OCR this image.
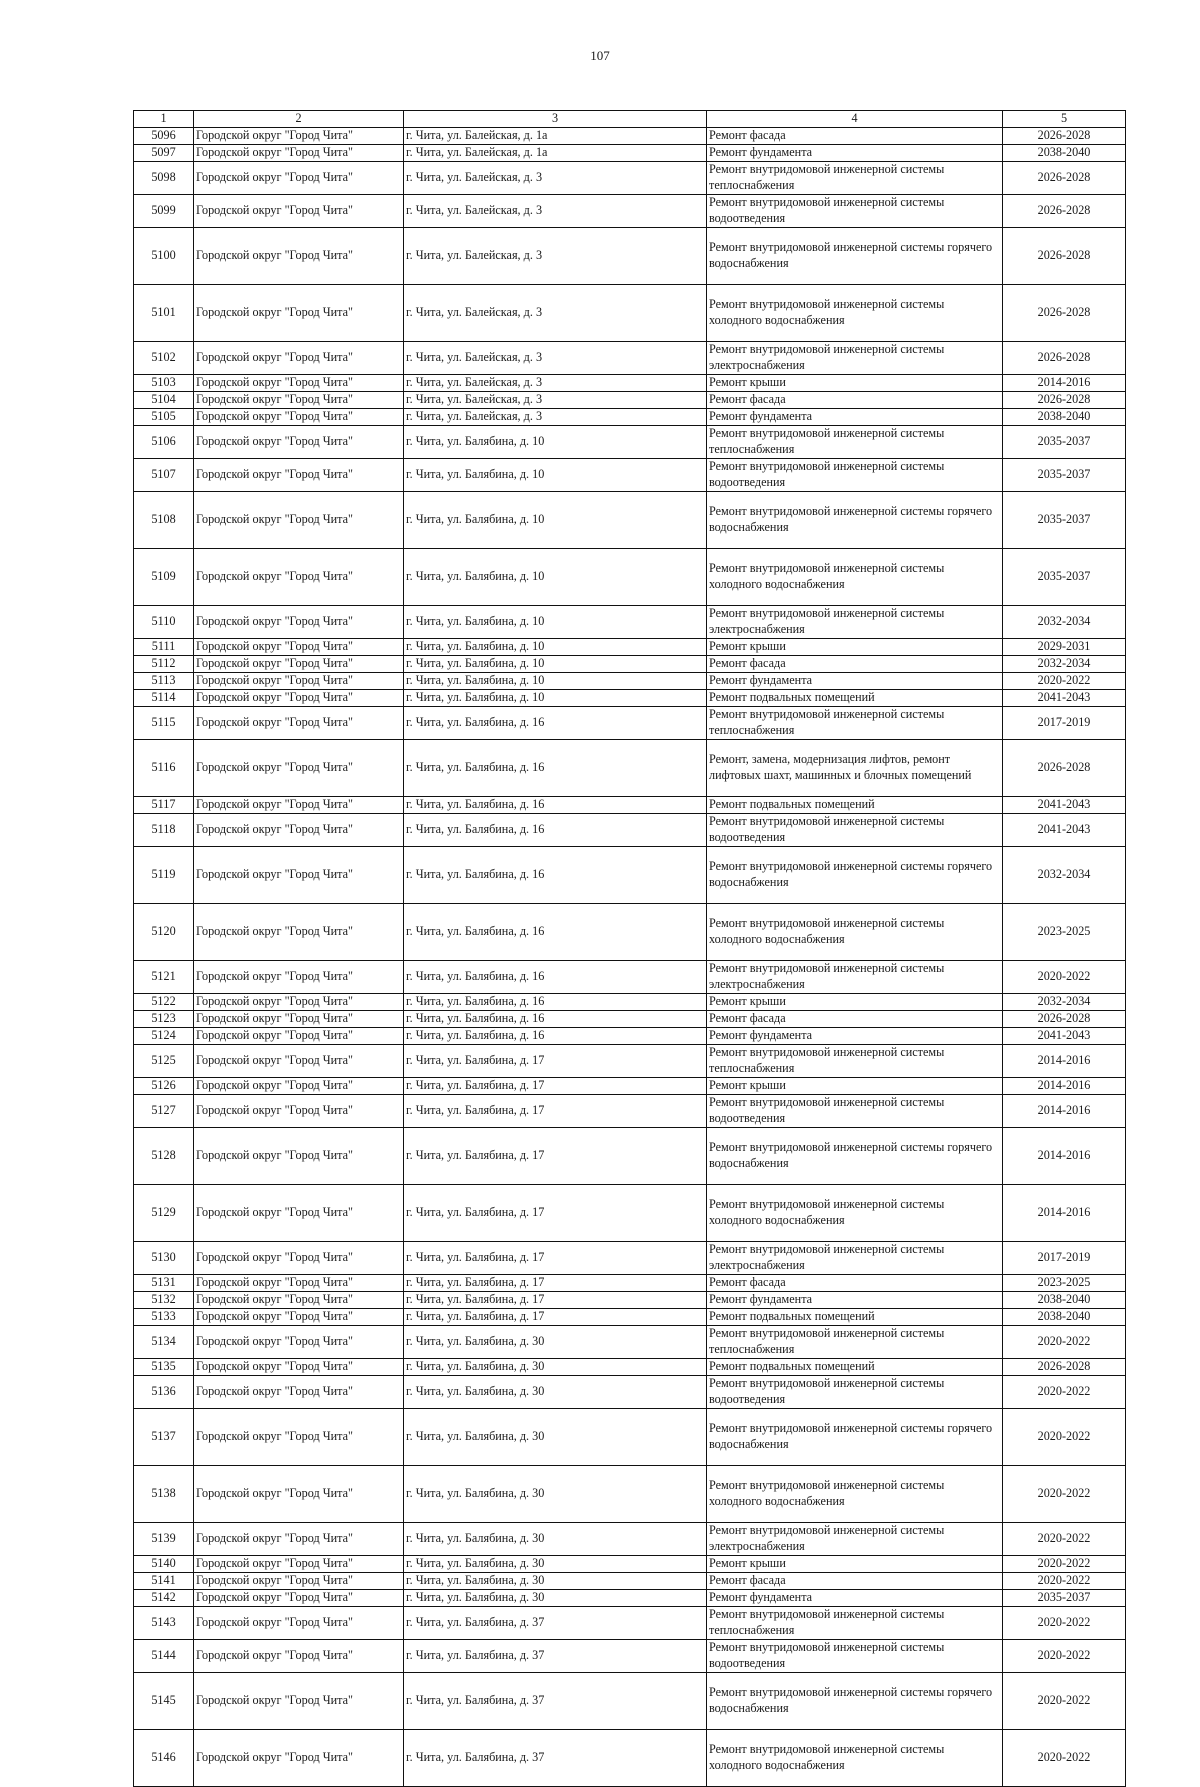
107
1	2	3	4	5
5096	Городской округ "Город Чита"	г. Чита, ул. Балейская, д. 1а	Ремонт фасада	2026-2028
5097	Городской округ "Город Чита"	г. Чита, ул. Балейская, д. 1а	Ремонт фундамента	2038-2040
5098	Городской округ "Город Чита"	г. Чита, ул. Балейская, д. 3	Ремонт внутридомовой инженерной системы теплоснабжения	2026-2028
5099	Городской округ "Город Чита"	г. Чита, ул. Балейская, д. 3	Ремонт внутридомовой инженерной системы водоотведения	2026-2028
5100	Городской округ "Город Чита"	г. Чита, ул. Балейская, д. 3	Ремонт внутридомовой инженерной системы горячего водоснабжения	2026-2028
5101	Городской округ "Город Чита"	г. Чита, ул. Балейская, д. 3	Ремонт внутридомовой инженерной системы холодного водоснабжения	2026-2028
5102	Городской округ "Город Чита"	г. Чита, ул. Балейская, д. 3	Ремонт внутридомовой инженерной системы электроснабжения	2026-2028
5103	Городской округ "Город Чита"	г. Чита, ул. Балейская, д. 3	Ремонт крыши	2014-2016
5104	Городской округ "Город Чита"	г. Чита, ул. Балейская, д. 3	Ремонт фасада	2026-2028
5105	Городской округ "Город Чита"	г. Чита, ул. Балейская, д. 3	Ремонт фундамента	2038-2040
5106	Городской округ "Город Чита"	г. Чита, ул. Балябина, д. 10	Ремонт внутридомовой инженерной системы теплоснабжения	2035-2037
5107	Городской округ "Город Чита"	г. Чита, ул. Балябина, д. 10	Ремонт внутридомовой инженерной системы водоотведения	2035-2037
5108	Городской округ "Город Чита"	г. Чита, ул. Балябина, д. 10	Ремонт внутридомовой инженерной системы горячего водоснабжения	2035-2037
5109	Городской округ "Город Чита"	г. Чита, ул. Балябина, д. 10	Ремонт внутридомовой инженерной системы холодного водоснабжения	2035-2037
5110	Городской округ "Город Чита"	г. Чита, ул. Балябина, д. 10	Ремонт внутридомовой инженерной системы электроснабжения	2032-2034
5111	Городской округ "Город Чита"	г. Чита, ул. Балябина, д. 10	Ремонт крыши	2029-2031
5112	Городской округ "Город Чита"	г. Чита, ул. Балябина, д. 10	Ремонт фасада	2032-2034
5113	Городской округ "Город Чита"	г. Чита, ул. Балябина, д. 10	Ремонт фундамента	2020-2022
5114	Городской округ "Город Чита"	г. Чита, ул. Балябина, д. 10	Ремонт подвальных помещений	2041-2043
5115	Городской округ "Город Чита"	г. Чита, ул. Балябина, д. 16	Ремонт внутридомовой инженерной системы теплоснабжения	2017-2019
5116	Городской округ "Город Чита"	г. Чита, ул. Балябина, д. 16	Ремонт, замена, модернизация лифтов, ремонт лифтовых шахт, машинных и блочных помещений	2026-2028
5117	Городской округ "Город Чита"	г. Чита, ул. Балябина, д. 16	Ремонт подвальных помещений	2041-2043
5118	Городской округ "Город Чита"	г. Чита, ул. Балябина, д. 16	Ремонт внутридомовой инженерной системы водоотведения	2041-2043
5119	Городской округ "Город Чита"	г. Чита, ул. Балябина, д. 16	Ремонт внутридомовой инженерной системы горячего водоснабжения	2032-2034
5120	Городской округ "Город Чита"	г. Чита, ул. Балябина, д. 16	Ремонт внутридомовой инженерной системы холодного водоснабжения	2023-2025
5121	Городской округ "Город Чита"	г. Чита, ул. Балябина, д. 16	Ремонт внутридомовой инженерной системы электроснабжения	2020-2022
5122	Городской округ "Город Чита"	г. Чита, ул. Балябина, д. 16	Ремонт крыши	2032-2034
5123	Городской округ "Город Чита"	г. Чита, ул. Балябина, д. 16	Ремонт фасада	2026-2028
5124	Городской округ "Город Чита"	г. Чита, ул. Балябина, д. 16	Ремонт фундамента	2041-2043
5125	Городской округ "Город Чита"	г. Чита, ул. Балябина, д. 17	Ремонт внутридомовой инженерной системы теплоснабжения	2014-2016
5126	Городской округ "Город Чита"	г. Чита, ул. Балябина, д. 17	Ремонт крыши	2014-2016
5127	Городской округ "Город Чита"	г. Чита, ул. Балябина, д. 17	Ремонт внутридомовой инженерной системы водоотведения	2014-2016
5128	Городской округ "Город Чита"	г. Чита, ул. Балябина, д. 17	Ремонт внутридомовой инженерной системы горячего водоснабжения	2014-2016
5129	Городской округ "Город Чита"	г. Чита, ул. Балябина, д. 17	Ремонт внутридомовой инженерной системы холодного водоснабжения	2014-2016
5130	Городской округ "Город Чита"	г. Чита, ул. Балябина, д. 17	Ремонт внутридомовой инженерной системы электроснабжения	2017-2019
5131	Городской округ "Город Чита"	г. Чита, ул. Балябина, д. 17	Ремонт фасада	2023-2025
5132	Городской округ "Город Чита"	г. Чита, ул. Балябина, д. 17	Ремонт фундамента	2038-2040
5133	Городской округ "Город Чита"	г. Чита, ул. Балябина, д. 17	Ремонт подвальных помещений	2038-2040
5134	Городской округ "Город Чита"	г. Чита, ул. Балябина, д. 30	Ремонт внутридомовой инженерной системы теплоснабжения	2020-2022
5135	Городской округ "Город Чита"	г. Чита, ул. Балябина, д. 30	Ремонт подвальных помещений	2026-2028
5136	Городской округ "Город Чита"	г. Чита, ул. Балябина, д. 30	Ремонт внутридомовой инженерной системы водоотведения	2020-2022
5137	Городской округ "Город Чита"	г. Чита, ул. Балябина, д. 30	Ремонт внутридомовой инженерной системы горячего водоснабжения	2020-2022
5138	Городской округ "Город Чита"	г. Чита, ул. Балябина, д. 30	Ремонт внутридомовой инженерной системы холодного водоснабжения	2020-2022
5139	Городской округ "Город Чита"	г. Чита, ул. Балябина, д. 30	Ремонт внутридомовой инженерной системы электроснабжения	2020-2022
5140	Городской округ "Город Чита"	г. Чита, ул. Балябина, д. 30	Ремонт крыши	2020-2022
5141	Городской округ "Город Чита"	г. Чита, ул. Балябина, д. 30	Ремонт фасада	2020-2022
5142	Городской округ "Город Чита"	г. Чита, ул. Балябина, д. 30	Ремонт фундамента	2035-2037
5143	Городской округ "Город Чита"	г. Чита, ул. Балябина, д. 37	Ремонт внутридомовой инженерной системы теплоснабжения	2020-2022
5144	Городской округ "Город Чита"	г. Чита, ул. Балябина, д. 37	Ремонт внутридомовой инженерной системы водоотведения	2020-2022
5145	Городской округ "Город Чита"	г. Чита, ул. Балябина, д. 37	Ремонт внутридомовой инженерной системы горячего водоснабжения	2020-2022
5146	Городской округ "Город Чита"	г. Чита, ул. Балябина, д. 37	Ремонт внутридомовой инженерной системы холодного водоснабжения	2020-2022
